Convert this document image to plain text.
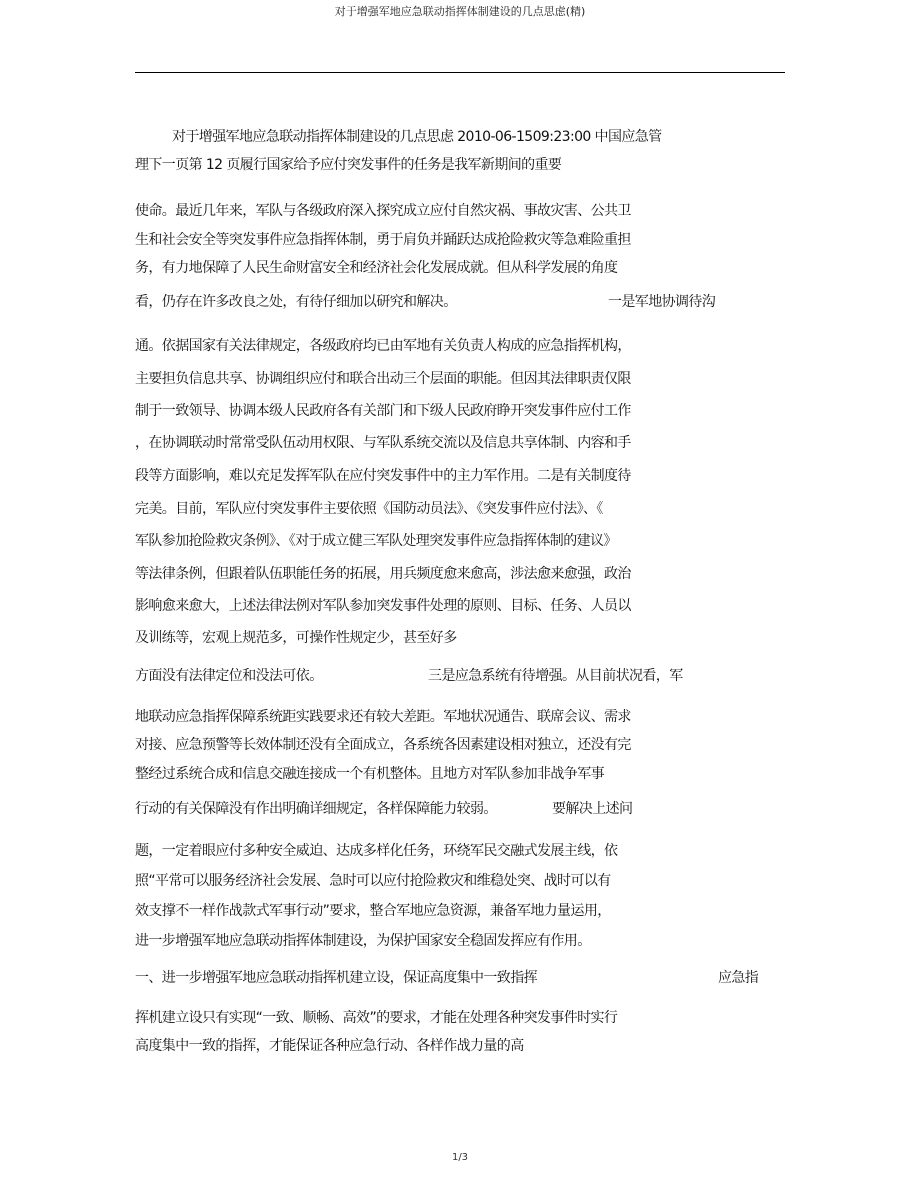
对于增强军地应急联动指挥体制建设的几点思虑(精)
对于增强军地应急联动指挥体制建设的几点思虑 2010-06-1509:23:00 中国应急管
理下一页第 12 页履行国家给予应付突发事件的任务是我军新期间的重要
使命。最近几年来，军队与各级政府深入探究成立应付自然灾祸、事故灾害、公共卫
生和社会安全等突发事件应急指挥体制，勇于肩负并踊跃达成抢险救灾等急难险重担
务，有力地保障了人民生命财富安全和经济社会化发展成就。但从科学发展的角度
看，仍存在许多改良之处，有待仔细加以研究和解决。	一是军地协调待沟
通。依据国家有关法律规定，各级政府均已由军地有关负责人构成的应急指挥机构，
主要担负信息共享、协调组织应付和联合出动三个层面的职能。但因其法律职责仅限
制于一致领导、协调本级人民政府各有关部门和下级人民政府睁开突发事件应付工作
，在协调联动时常常受队伍动用权限、与军队系统交流以及信息共享体制、内容和手
段等方面影响，难以充足发挥军队在应付突发事件中的主力军作用。二是有关制度待
完美。目前，军队应付突发事件主要依照《国防动员法》、《突发事件应付法》、《
军队参加抢险救灾条例》、《对于成立健三军队处理突发事件应急指挥体制的建议》
等法律条例，但跟着队伍职能任务的拓展，用兵频度愈来愈高，涉法愈来愈强，政治
影响愈来愈大，上述法律法例对军队参加突发事件处理的原则、目标、任务、人员以
及训练等，宏观上规范多，可操作性规定少，甚至好多
方面没有法律定位和没法可依。	三是应急系统有待增强。从目前状况看，军
地联动应急指挥保障系统距实践要求还有较大差距。军地状况通告、联席会议、需求
对接、应急预警等长效体制还没有全面成立，各系统各因素建设相对独立，还没有完
整经过系统合成和信息交融连接成一个有机整体。且地方对军队参加非战争军事
行动的有关保障没有作出明确详细规定，各样保障能力较弱。	要解决上述问
题，一定着眼应付多种安全威迫、达成多样化任务，环绕军民交融式发展主线，依
照“平常可以服务经济社会发展、急时可以应付抢险救灾和维稳处突、战时可以有
效支撑不一样作战款式军事行动”要求，整合军地应急资源，兼备军地力量运用，
进一步增强军地应急联动指挥体制建设，为保护国家安全稳固发挥应有作用。
一、进一步增强军地应急联动指挥机建立设，保证高度集中一致指挥	应急指
挥机建立设只有实现“一致、顺畅、高效”的要求，才能在处理各种突发事件时实行
高度集中一致的指挥，才能保证各种应急行动、各样作战力量的高
1/3
